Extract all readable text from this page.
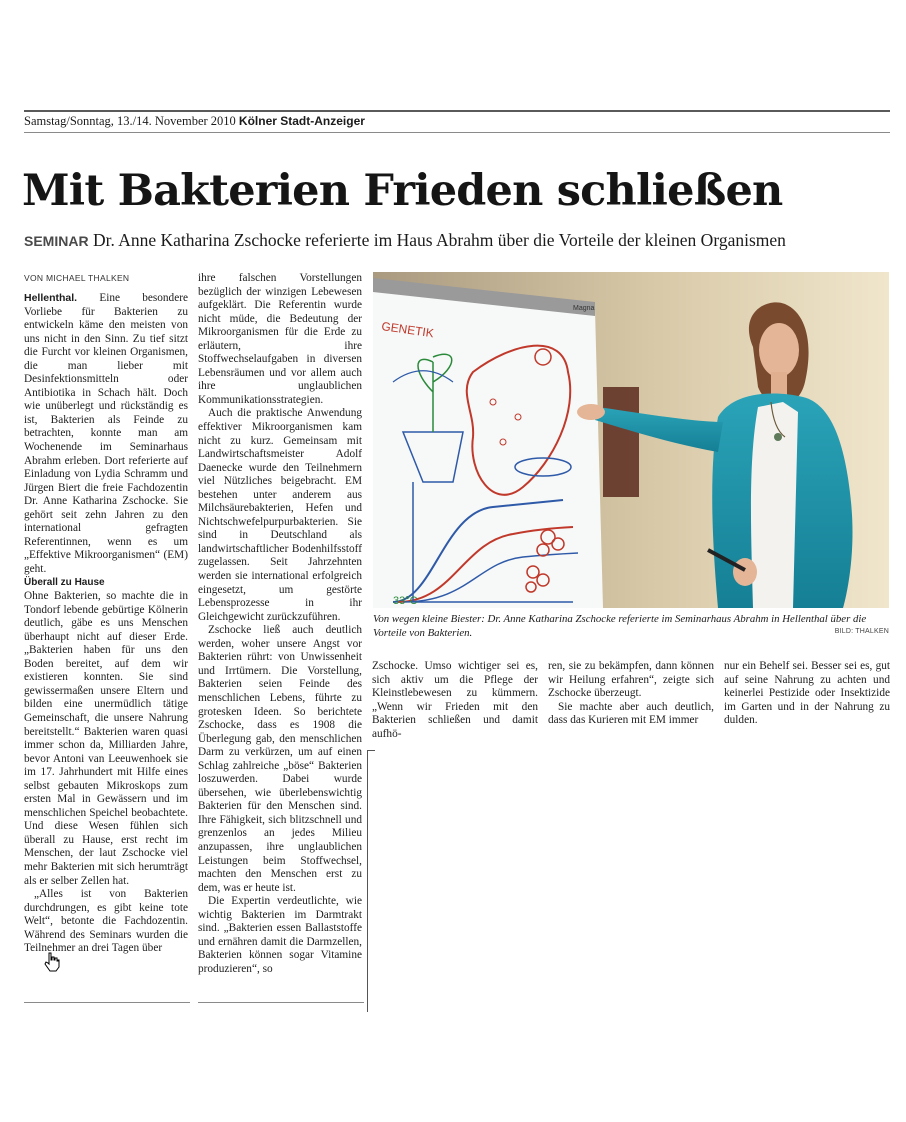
Samstag/Sonntag, 13./14. November 2010 Kölner Stadt-Anzeiger
Mit Bakterien Frieden schließen
SEMINAR Dr. Anne Katharina Zschocke referierte im Haus Abrahm über die Vorteile der kleinen Organismen
VON MICHAEL THALKEN

Hellenthal. Eine besondere Vorliebe für Bakterien zu entwickeln käme den meisten von uns nicht in den Sinn. Zu tief sitzt die Furcht vor kleinen Organismen, die man lieber mit Desinfektionsmitteln oder Antibiotika in Schach hält. Doch wie unüberlegt und rückständig es ist, Bakterien als Feinde zu betrachten, konnte man am Wochenende im Seminarhaus Abrahm erleben. Dort referierte auf Einladung von Lydia Schramm und Jürgen Biert die freie Fachdozentin Dr. Anne Katharina Zschocke. Sie gehört seit zehn Jahren zu den international gefragten Referentinnen, wenn es um „Effektive Mikroorganismen“ (EM) geht.

Überall zu Hause

Ohne Bakterien, so machte die in Tondorf lebende gebürtige Kölnerin deutlich, gäbe es uns Menschen überhaupt nicht auf dieser Erde. „Bakterien haben für uns den Boden bereitet, auf dem wir existieren konnten. Sie sind gewissermaßen unsere Eltern und bilden eine unermüdlich tätige Gemeinschaft, die unsere Nahrung bereitstellt.“ Bakterien waren quasi immer schon da, Milliarden Jahre, bevor Antoni van Leeuwenhoek sie im 17. Jahrhundert mit Hilfe eines selbst gebauten Mikroskops zum ersten Mal in Gewässern und im menschlichen Speichel beobachtete. Und diese Wesen fühlen sich überall zu Hause, erst recht im Menschen, der laut Zschocke viel mehr Bakterien mit sich herumträgt als er selber Zellen hat.

„Alles ist von Bakterien durchdrungen, es gibt keine tote Welt“, betonte die Fachdozentin. Während des Seminars wurden die Teilnehmer an drei Tagen über

ihre falschen Vorstellungen bezüglich der winzigen Lebewesen aufgeklärt. Die Referentin wurde nicht müde, die Bedeutung der Mikroorganismen für die Erde zu erläutern, ihre Stoffwechselaufgaben in diversen Lebensräumen und vor allem auch ihre unglaublichen Kommunikationsstrategien.

Auch die praktische Anwendung effektiver Mikroorganismen kam nicht zu kurz. Gemeinsam mit Landwirtschaftsmeister Adolf Daenecke wurde den Teilnehmern viel Nützliches beigebracht. EM bestehen unter anderem aus Milchsäurebakterien, Hefen und Nichtschwefelpurpurbakterien. Sie sind in Deutschland als landwirtschaftlicher Bodenhilfsstoff zugelassen. Seit Jahrzehnten werden sie international erfolgreich eingesetzt, um gestörte Lebensprozesse in ihr Gleichgewicht zurückzuführen.

Zschocke ließ auch deutlich werden, woher unsere Angst vor Bakterien rührt: von Unwissenheit und Irrtümern. Die Vorstellung, Bakterien seien Feinde des menschlichen Lebens, führte zu grotesken Ideen. So berichtete Zschocke, dass es 1908 die Überlegung gab, den menschlichen Darm zu verkürzen, um auf einen Schlag zahlreiche „böse“ Bakterien loszuwerden. Dabei wurde übersehen, wie überlebenswichtig Bakterien für den Menschen sind. Ihre Fähigkeit, sich blitzschnell und grenzenlos an jedes Milieu anzupassen, ihre unglaublichen Leistungen beim Stoffwechsel, machten den Menschen erst zu dem, was er heute ist.

Die Expertin verdeutlichte, wie wichtig Bakterien im Darmtrakt sind. „Bakterien essen Ballaststoffe und ernähren damit die Darmzellen, Bakterien können sogar Vitamine produzieren“, so

Magna
GENETIK
33°C
Von wegen kleine Biester: Dr. Anne Katharina Zschocke referierte im Seminarhaus Abrahm in Hellenthal über die Vorteile von Bakterien.	BILD: THALKEN

Zschocke. Umso wichtiger sei es, sich aktiv um die Pflege der Kleinstlebewesen zu kümmern. „Wenn wir Frieden mit den Bakterien schließen und damit aufhö-

ren, sie zu bekämpfen, dann können wir Heilung erfahren“, zeigte sich Zschocke überzeugt.

Sie machte aber auch deutlich, dass das Kurieren mit EM immer

nur ein Behelf sei. Besser sei es, gut auf seine Nahrung zu achten und keinerlei Pestizide oder Insektizide im Garten und in der Nahrung zu dulden.
